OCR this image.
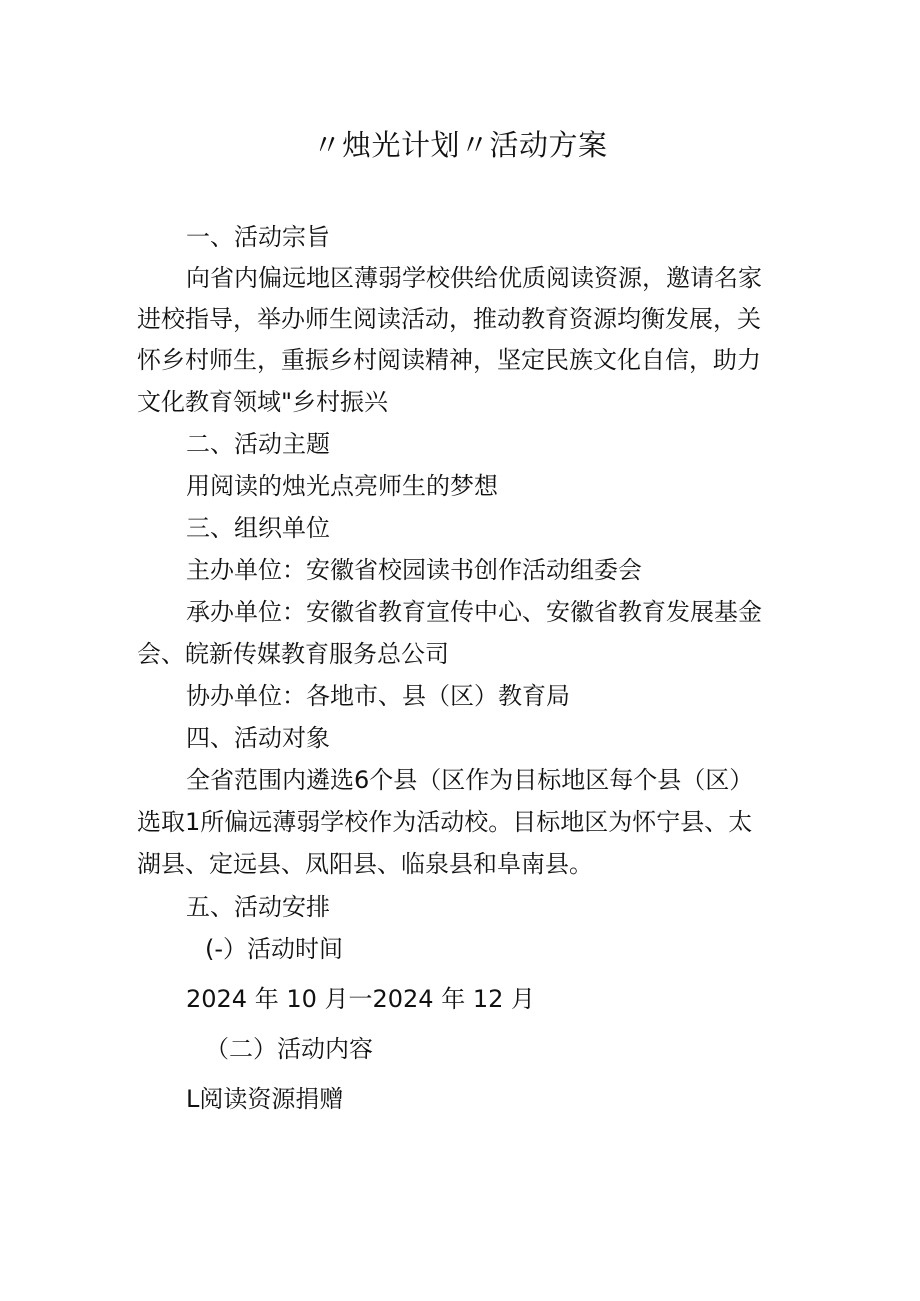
〃烛光计划〃活动方案
一、活动宗旨
向省内偏远地区薄弱学校供给优质阅读资源，邀请名家
进校指导，举办师生阅读活动，推动教育资源均衡发展，关
怀乡村师生，重振乡村阅读精神，坚定民族文化自信，助力
文化教育领域"乡村振兴
二、活动主题
用阅读的烛光点亮师生的梦想
三、组织单位
主办单位：安徽省校园读书创作活动组委会
承办单位：安徽省教育宣传中心、安徽省教育发展基金
会、皖新传媒教育服务总公司
协办单位：各地市、县（区）教育局
四、活动对象
全省范围内遴选6个县（区作为目标地区每个县（区）
选取1所偏远薄弱学校作为活动校。目标地区为怀宁县、太
湖县、定远县、凤阳县、临泉县和阜南县。
五、活动安排
(-）活动时间
2024 年 10 月一2024 年 12 月
（二）活动内容
L阅读资源捐赠
